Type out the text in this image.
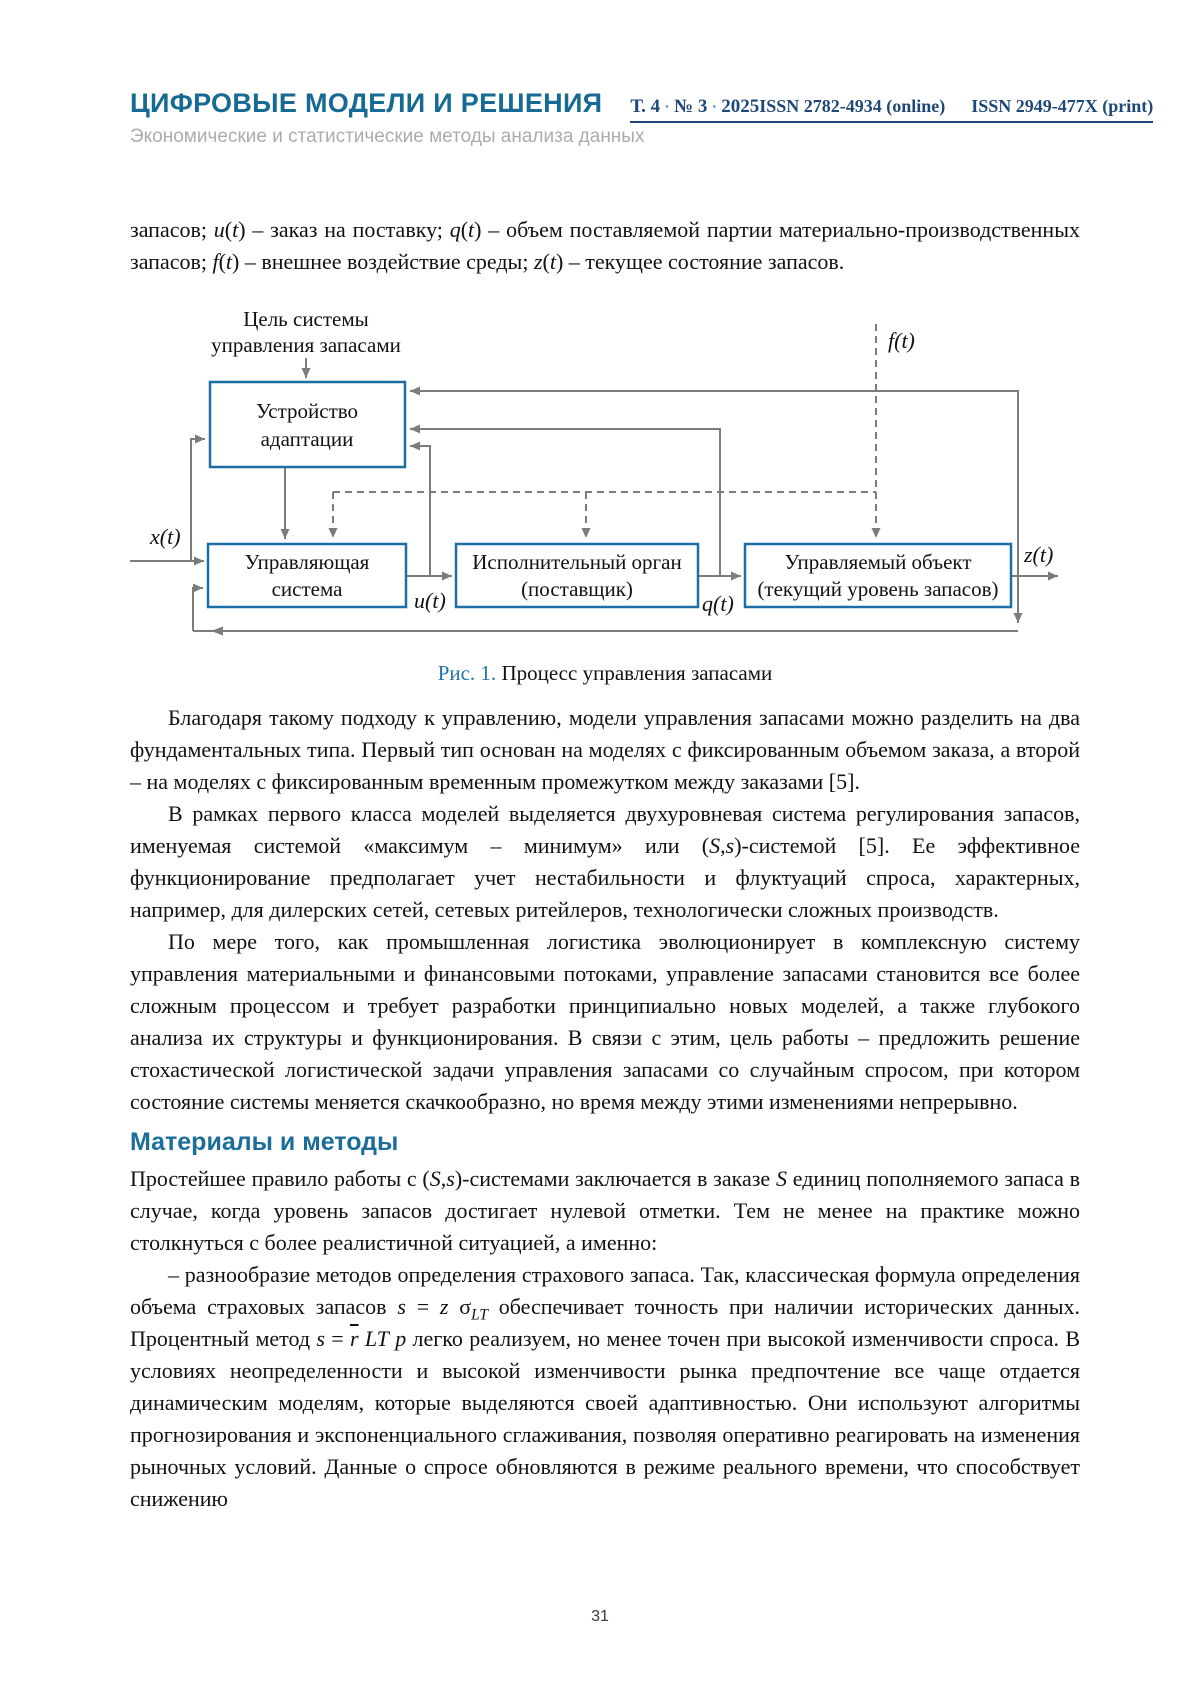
ЦИФРОВЫЕ МОДЕЛИ И РЕШЕНИЯ Т. 4 • № 3 • 2025 ISSN 2782-4934 (online) ISSN 2949-477X (print)
Экономические и статистические методы анализа данных

запасов; u(t) – заказ на поставку; q(t) – объем поставляемой партии материально-производственных запасов; f(t) – внешнее воздействие среды; z(t) – текущее состояние запасов.

Цель системы
управления запасами
Устройство
адаптации
Управляющая
система
Исполнительный орган
(поставщик)
Управляемый объект
(текущий уровень запасов)
x(t)
u(t)	q(t)
z(t)
f(t)
Рис. 1. Процесс управления запасами

Благодаря такому подходу к управлению, модели управления запасами можно разделить на два фундаментальных типа. Первый тип основан на моделях с фиксированным объемом заказа, а второй – на моделях с фиксированным временным промежутком между заказами [5].

В рамках первого класса моделей выделяется двухуровневая система регулирования запасов, именуемая системой «максимум – минимум» или (S,s)-системой [5]. Ее эффективное функционирование предполагает учет нестабильности и флуктуаций спроса, характерных, например, для дилерских сетей, сетевых ритейлеров, технологически сложных производств.

По мере того, как промышленная логистика эволюционирует в комплексную систему управления материальными и финансовыми потоками, управление запасами становится все более сложным процессом и требует разработки принципиально новых моделей, а также глубокого анализа их структуры и функционирования. В связи с этим, цель работы – предложить решение стохастической логистической задачи управления запасами со случайным спросом, при котором состояние системы меняется скачкообразно, но время между этими изменениями непрерывно.

Материалы и методы

Простейшее правило работы с (S,s)-системами заключается в заказе S единиц пополняемого запаса в случае, когда уровень запасов достигает нулевой отметки. Тем не менее на практике можно столкнуться с более реалистичной ситуацией, а именно:

– разнообразие методов определения страхового запаса. Так, классическая формула определения объема страховых запасов s = z $\sigma_{LT}$ обеспечивает точность при наличии исторических данных. Процентный метод $s = \overline{r}$ LT p легко реализуем, но менее точен при высокой изменчивости спроса. В условиях неопределенности и высокой изменчивости рынка предпочтение все чаще отдается динамическим моделям, которые выделяются своей адаптивностью. Они используют алгоритмы прогнозирования и экспоненциального сглаживания, позволяя оперативно реагировать на изменения рыночных условий. Данные о спросе обновляются в режиме реального времени, что способствует снижению

31
